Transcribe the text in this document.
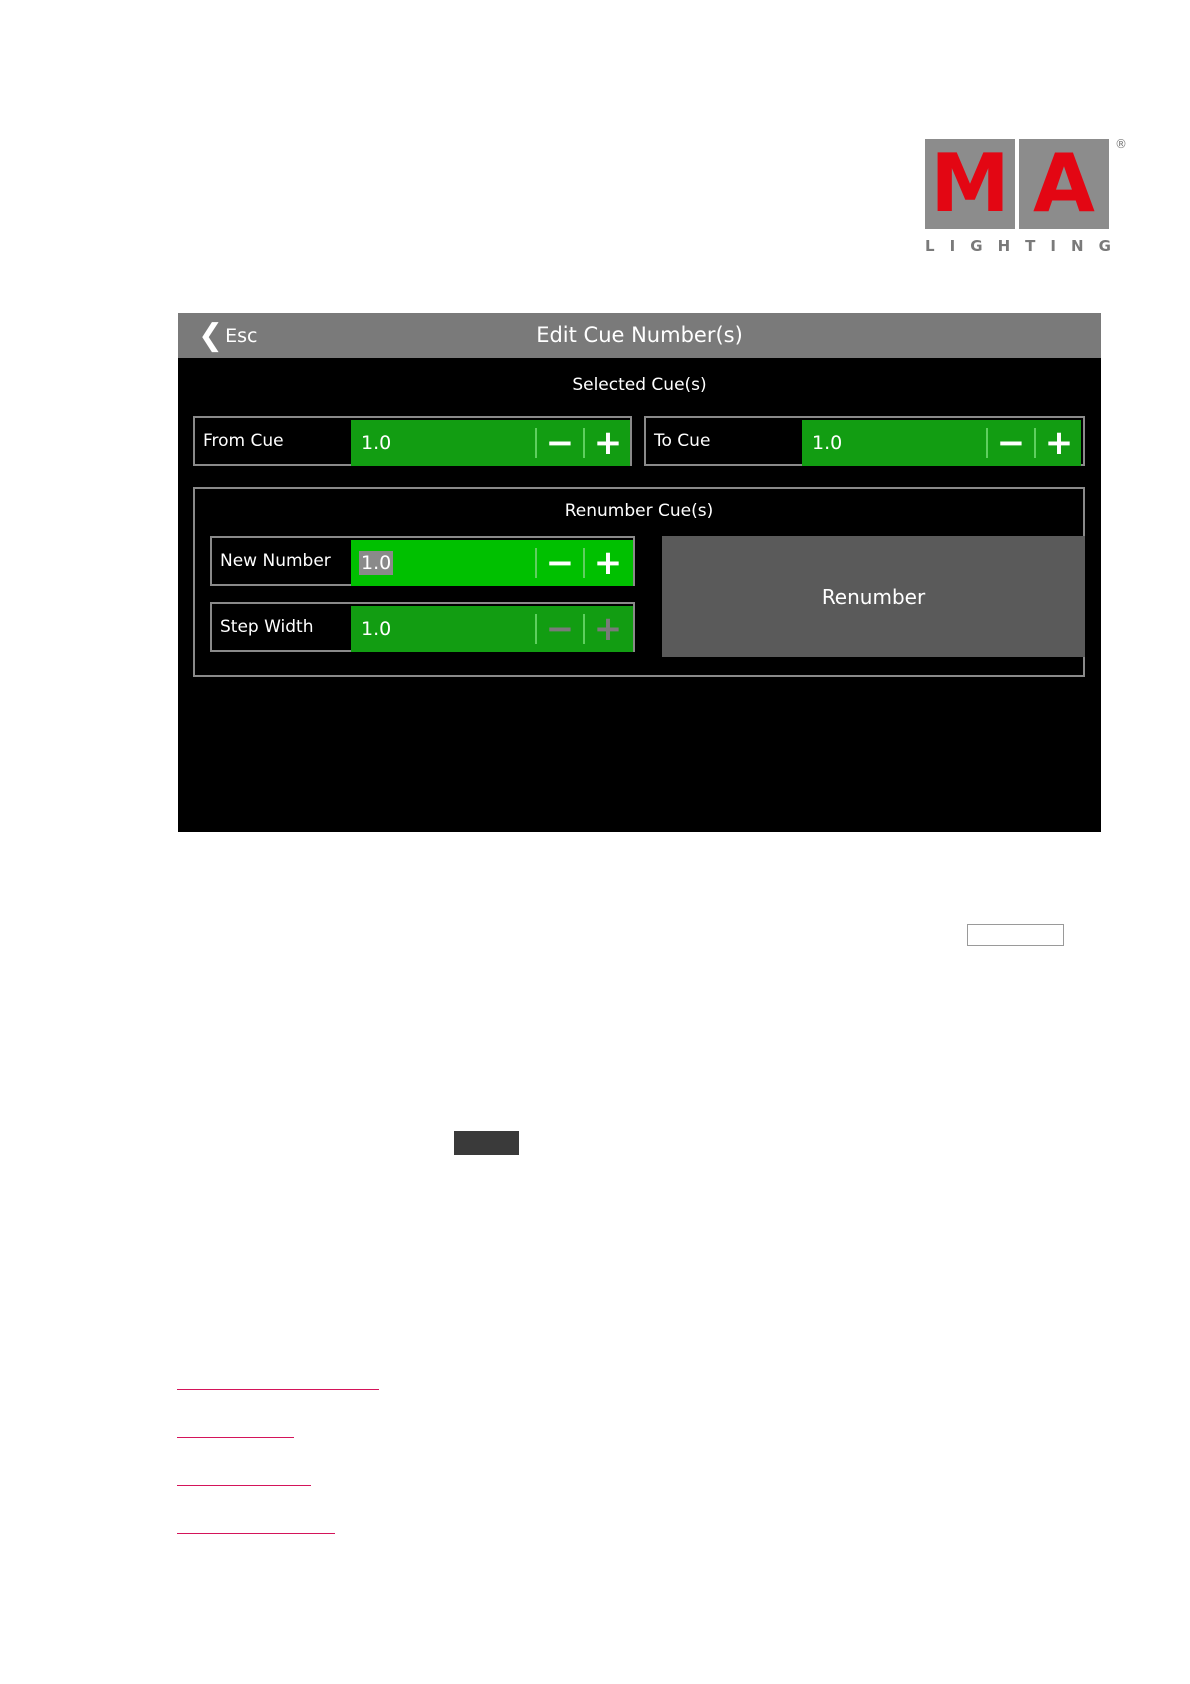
M A	®
L I G H T I N G
Edit Cue Number(s)
❮ Esc
Selected Cue(s)
From Cue	1.0	− + To Cue	1.0	− +
Renumber Cue(s)
New Number 1.0	− +
Step Width	1.0	− +
Renumber
